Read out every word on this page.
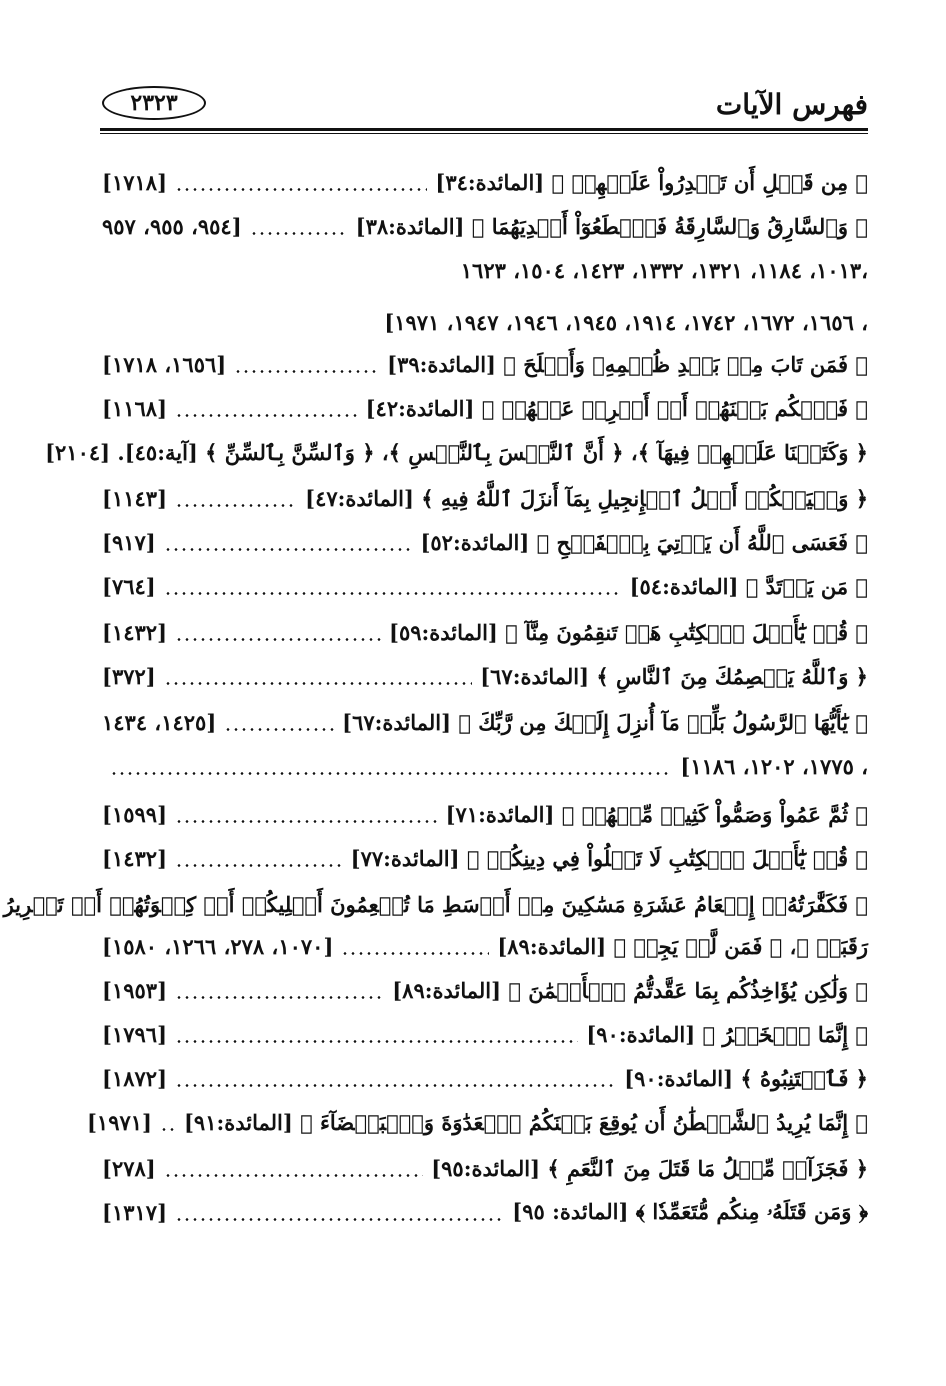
فهرس الآيات
٢٣٢٣
﴿ مِن قَبۡلِ أَن تَقۡدِرُواْ عَلَيۡهِمۡ ﴾ [المائدة:٣٤]
[١٧١٨]
﴿ وَٱلسَّارِقُ وَٱلسَّارِقَةُ فَٱقۡطَعُوٓاْ أَيۡدِيَهُمَا ﴾ [المائدة:٣٨]
[٩٥٤، ٩٥٥، ٩٥٧
،١٠١٣، ١١٨٤، ١٣٢١، ١٣٣٢، ١٤٢٣، ١٥٠٤، ١٦٢٣
، ١٦٥٦، ١٦٧٢، ١٧٤٢، ١٩١٤، ١٩٤٥، ١٩٤٦، ١٩٤٧، ١٩٧١]
﴿ فَمَن تَابَ مِنۢ بَعۡدِ ظُلۡمِهِۦ وَأَصۡلَحَ ﴾ [المائدة:٣٩]
[١٦٥٦، ١٧١٨]
﴿ فَٱحۡكُم بَيۡنَهُمۡ أَوۡ أَعۡرِضۡ عَنۡهُمۡ ﴾ [المائدة:٤٢]
[١١٦٨]
﴿ وَكَتَبۡنَا عَلَيۡهِمۡ فِيهَآ ﴾، ﴿ أَنَّ ٱلنَّفۡسَ بِٱلنَّفۡسِ ﴾، ﴿ وَٱلسِّنَّ بِٱلسِّنِّ ﴾ [آية:٤٥]. [٢١٠٤]
﴿ وَلۡيَحۡكُمۡ أَهۡلُ ٱلۡإِنجِيلِ بِمَآ أَنزَلَ ٱللَّهُ فِيهِ ﴾ [المائدة:٤٧]
[١١٤٣]
﴿ فَعَسَى ٱللَّهُ أَن يَأۡتِيَ بِٱلۡفَتۡحِ ﴾ [المائدة:٥٢]
[٩١٧]
﴿ مَن يَرۡتَدَّ ﴾ [المائدة:٥٤]
[٧٦٤]
﴿ قُلۡ يَٰٓأَهۡلَ ٱلۡكِتَٰبِ هَلۡ تَنقِمُونَ مِنَّآ ﴾ [المائدة:٥٩]
[١٤٣٢]
﴿ وَٱللَّهُ يَعۡصِمُكَ مِنَ ٱلنَّاسِ ﴾ [المائدة:٦٧]
[٣٧٢]
﴿ يَٰٓأَيُّهَا ٱلرَّسُولُ بَلِّغۡ مَآ أُنزِلَ إِلَيۡكَ مِن رَّبِّكَ ﴾ [المائدة:٦٧]
[١٤٢٥، ١٤٣٤
، ١٧٧٥، ١٢٠٢، ١١٨٦]
﴿ ثُمَّ عَمُواْ وَصَمُّواْ كَثِيرٞ مِّنۡهُمۡ ﴾ [المائدة:٧١]
[١٥٩٩]
﴿ قُلۡ يَٰٓأَهۡلَ ٱلۡكِتَٰبِ لَا تَغۡلُواْ فِي دِينِكُمۡ ﴾ [المائدة:٧٧]
[١٤٣٢]
﴿ فَكَفَّٰرَتُهُۥٓ إِطۡعَامُ عَشَرَةِ مَسَٰكِينَ مِنۡ أَوۡسَطِ مَا تُطۡعِمُونَ أَهۡلِيكُمۡ أَوۡ كِسۡوَتُهُمۡ أَوۡ تَحۡرِيرُ
رَقَبَةٖ ﴾، ﴿ فَمَن لَّمۡ يَجِدۡ ﴾ [المائدة:٨٩]
[١٠٧٠، ٢٧٨، ١٢٦٦، ١٥٨٠]
﴿ وَلَٰكِن يُؤَاخِذُكُم بِمَا عَقَّدتُّمُ ٱلۡأَيۡمَٰنَ ﴾ [المائدة:٨٩]
[١٩٥٣]
﴿ إِنَّمَا ٱلۡخَمۡرُ ﴾ [المائدة:٩٠]
[١٧٩٦]
﴿ فَٱجۡتَنِبُوهُ ﴾ [المائدة:٩٠]
[١٨٧٢]
﴿ إِنَّمَا يُرِيدُ ٱلشَّيۡطَٰنُ أَن يُوقِعَ بَيۡنَكُمُ ٱلۡعَدَٰوَةَ وَٱلۡبَغۡضَآءَ ﴾ [المائدة:٩١]
[١٩٧١]
﴿ فَجَزَآءٞ مِّثۡلُ مَا قَتَلَ مِنَ ٱلنَّعَمِ ﴾ [المائدة:٩٥]
[٢٧٨]
﴿ وَمَن قَتَلَهُۥ مِنكُم مُّتَعَمِّدٗا ﴾ [المائدة: ٩٥]
[١٣١٧]
